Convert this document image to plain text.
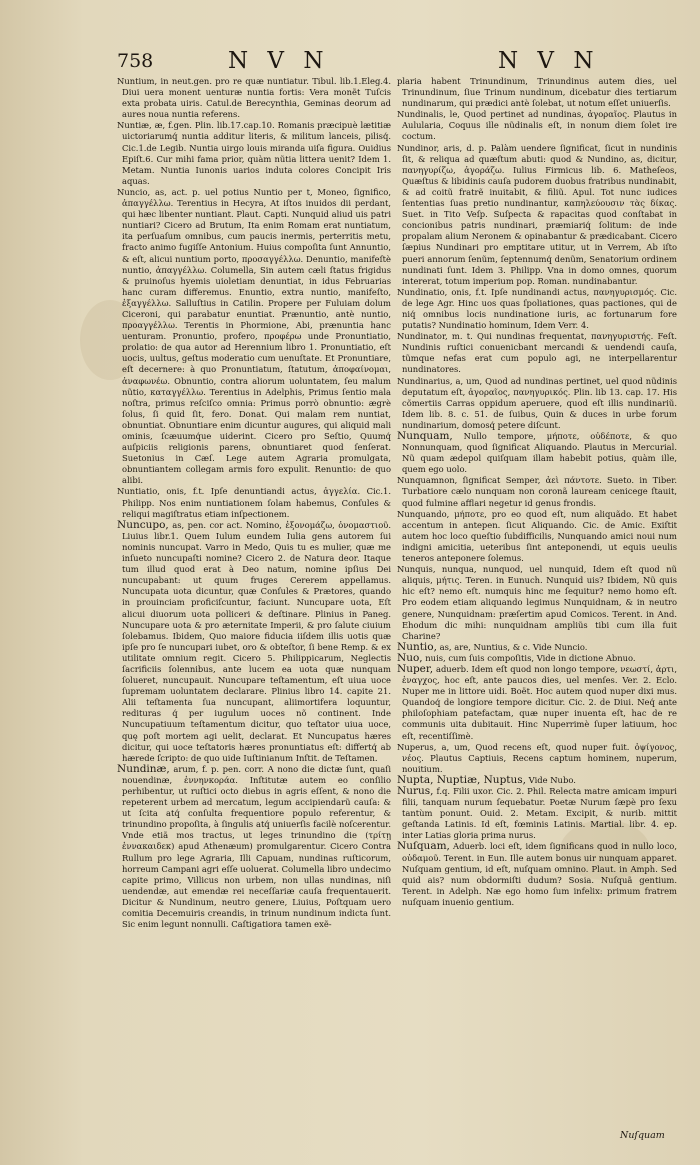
758	N V N	N V N
Nuntium, in neut.gen. pro re quæ nuntiatur. Tibul. lib.1.Eleg.4. Diui uera monent uenturæ nuntia fortis: Vera monẽt Tuſcis exta probata uiris. Catul.de Berecynthia, Geminas deorum ad aures noua nuntia referens.
Nuntiæ, æ, f.gen. Plin. lib.17.cap.10. Romanis præcipuè lætitiæ uictoriarumq́ nuntia additur literis, & militum lanceis, pilisq́. Cic.1.de Legib. Nuntia uirgo louis miranda uiſa figura. Ouidius Epiſt.6. Cur mihi fama prior, quàm nũtia littera uenit? Idem 1. Metam. Nuntia Iunonis uarios induta colores Concipit Iris aquas.
Nuncio, as, act. p. uel potius Nuntio per t, Moneo, ſignifico, ἀπαγγέλλω. Terentius in Hecyra, At iſtos inuidos dii perdant, qui hæc libenter nuntiant. Plaut. Capti. Nunquid aliud uis patri nuntiari? Cicero ad Brutum, Ita enim Romam erat nuntiatum, ita perſuaſum omnibus, cum paucis inermis, perterritis metu, fracto animo fugiſſe Antonium. Huius compoſita ſunt Annuntio, & eſt, alicui nuntium porto, προσαγγέλλω. Denuntio, manifeſtè nuntio, ἀπαγγέλλω. Columella, Sin autem cæli ſtatus frigidus & pruinoſus hyemis uioletiam denuntiat, in idus Februarias hanc curam differemus. Enuntio, extra nuntio, manifeſto, ἐξαγγέλλω. Salluſtius in Catilin. Propere per Fuluiam dolum Ciceroni, qui parabatur enuntiat. Prænuntio, antè nuntio, προαγγέλλω. Terentis in Phormione, Abi, prænuntia hanc uenturam. Pronuntio, profero, προφέρω unde Pronuntiatio, prolatio: de qua autor ad Herennium libro 1. Pronuntiatio, eſt uocis, uultus, geſtus moderatio cum uenuſtate. Et Pronuntiare, eſt decernere: à quo Pronuntiatum, ſtatutum, ἀποφαίνομαι, ἀναφωνέω. Obnuntio, contra aliorum uoluntatem, ſeu malum nũtio, καταγγέλλω. Terentius in Adelphis, Primus ſentio mala noſtra, primus reſciſco omnia: Primus porrò obnuntio: ægrè ſolus, ſi quid ſit, fero. Donat. Qui malam rem nuntiat, obnuntiat. Obnuntiare enim dicuntur augures, qui aliquid mali ominis, ſcæuumq́ue uiderint. Cicero pro Seſtio, Quumq́ auſpiciis religionis parens, obnuntiaret quod ſenſerat. Suetonius in Cæſ. Lege autem Agraria promulgata, obnuntiantem collegam armis foro expulit. Renuntio: de quo alibi.
Nuntiatio, onis, f.t. Ipſe denuntiandi actus, ἀγγελία. Cic.1. Philipp. Nos enim nuntiationem ſolam habemus, Conſules & reliqui magiſtratus etiam inſpectionem.
Nuncupo, as, pen. cor act. Nomino, ἐξονομάζω, ὀνομαστιοῦ. Liuius libr.1. Quem Iulum eundem Iulia gens autorem ſui nominis nuncupat. Varro in Medo, Quis tu es mulier, quæ me inſueto nuncupaſti nomine? Cicero 2. de Natura deor. Itaque tum illud quod erat à Deo natum, nomine ipſius Dei nuncupabant: ut quum fruges Cererem appellamus. Nuncupata uota dicuntur, quæ Conſules & Prætores, quando in prouinciam proficiſcuntur, faciunt. Nuncupare uota, Eſt alicui diuorum uota polliceri & deſtinare. Plinius in Paneg. Nuncupare uota & pro æternitate Imperii, & pro ſalute ciuium ſolebamus. Ibidem, Quo maiore fiducia iiſdem illis uotis quæ ipſe pro ſe nuncupari iubet, oro & obteſtor, ſi bene Remp. & ex utilitate omnium regit. Cicero 5. Philippicarum, Neglectis ſacrificiis ſolennibus, ante lucem ea uota quæ nunquam ſolueret, nuncupauit. Nuncupare teſtamentum, eſt uiua uoce ſupremam uoluntatem declarare. Plinius libro 14. capite 21. Alii teſtamenta ſua nuncupant, aliimortifera loquuntur, redituras q́ per iugulum uoces nõ continent. Inde Nuncupatiuum teſtamentum dicitur, quo teſtator uiua uoce, quę poſt mortem agi uelit, declarat. Et Nuncupatus hæres dicitur, qui uoce teſtatoris hæres pronuntiatus eſt: differtq́ ab hærede ſcripto: de quo uide Iuſtinianum Inſtit. de Teſtamen.
Nundinæ, arum, f. p. pen. corr. A nono die dictæ ſunt, quaſi nouendinæ, ἐννηνκοράα. Inſtitutæ autem eo conſilio perhibentur, ut ruſtici octo diebus in agris eſſent, & nono die repeterent urbem ad mercatum, legum accipiendarũ cauſa: & ut ſcita atq́ conſulta frequentiore populo referentur, & trinundino propoſita, à ſingulis atq́ uniuerſis facilè noſcerentur. Vnde etiã mos tractus, ut leges trinundino die (τρίτῃ ἐννακαιδεκ) apud Athenæum) promulgarentur. Cicero Contra Rullum pro lege Agraria, Illi Capuam, nundinas ruſticorum, horreum Campani agri eſſe uoluerat. Columella libro undecimo capite primo, Villicus non urbem, non ullas nundinas, niſi uendendæ, aut emendæ rei neceſſariæ cauſa frequentauerit. Dicitur & Nundinum, neutro genere, Liuius, Poſtquam uero comitia Decemuiris creandis, in trinum nundinum indicta ſunt. Sic enim legunt nonnulli. Caſtigatiora tamen exẽ-
plaria habent Trinundinum, Trinundinus autem dies, uel Trinundinum, ſiue Trinum nundinum, dicebatur dies tertiarum nundinarum, qui prædici antè ſolebat, ut notum eſſet uniuerſis.
Nundinalis, le, Quod pertinet ad nundinas, ἀγοραῖος. Plautus in Aulularia, Coquus ille nũdinalis eſt, in nonum diem ſolet ire coctum.
Nundinor, aris, d. p. Palàm uendere ſignificat, ſicut in nundinis ſit, & reliqua ad quæſtum abuti: quod & Nundino, as, dicitur, πανηγυρίζω, ἀγοράζω. Iulius Firmicus lib. 6. Matheſeos, Quæſtus & libidinis cauſa pudorem duobus fratribus nundinabit, & ad coitũ fratrẽ inuitabit, & filiũ. Apul. Tot nunc iudices ſententias ſuas pretio nundinantur, καπηλεύουσιν τὰς δίκας. Suet. in Tito Veſp. Suſpecta & rapacitas quod conſtabat in concionibus patris nundinari, præmiariq́ ſolitum: de inde propalam alium Neronem & opinabantur & prædicabant. Cicero ſæpius Nundinari pro emptitare utitur, ut in Verrem, Ab iſto pueri annorum ſenũm, ſeptennumq́ denũm, Senatorium ordinem nundinati ſunt. Idem 3. Philipp. Vna in domo omnes, quorum intererat, totum imperium pop. Roman. nundinabantur.
Nundinatio, onis, f.t. Ipſe nundinandi actus, πανηγυρισμός. Cic. de lege Agr. Hinc uos quas ſpoliationes, quas pactiones, qui de niq́ omnibus locis nundinatione iuris, ac fortunarum fore putatis? Nundinatio hominum, Idem Verr. 4.
Nundinator, m. t. Qui nundinas frequentat, πανηγυριστής. Feſt. Nundinis ruſtici conuenicbant mercandi & uendendi cauſa, tũmque nefas erat cum populo agi, ne interpellarentur nundinatores.
Nundinarius, a, um, Quod ad nundinas pertinet, uel quod nũdinis deputatum eſt, ἀγοραῖος, πανηγυρικός. Plin. lib 13. cap. 17. His cõmertiis Carras oppidum aperuere, quod eſt illis nundinariũ. Idem lib. 8. c. 51. de ſuibus, Quin & duces in urbe forum nundinarium, domosq́ petere diſcunt.
Nunquam, Nullo tempore, μήποτε, οὐδέποτε, & quo Nonnunquam, quod ſignificat Aliquando. Plautus in Mercurial. Nũ quam ædepol quiſquam illam habebit potius, quàm ille, quem ego uolo.
Nunquamnon, ſignificat Semper, ἀεὶ πάντοτε. Sueto. in Tiber. Turbatiore cælo nunquam non coronã lauream cenicege ſtauit, quod fulmine afflari negetur id genus frondis.
Nunquando, μήποτε, pro eo quod eſt, num aliquãdo. Et habet accentum in antepen. ſicut Aliquando. Cic. de Amic. Exiſtit autem hoc loco queſtio ſubdifficilis, Nunquando amici noui num indigni amicitia, ueteribus ſint anteponendi, ut equis ueulis teneros anteponere ſolemus.
Nunquis, nunqua, nunquod, uel nunquid, Idem eſt quod nũ aliquis, μήτις. Teren. in Eunuch. Nunquid uis? Ibidem, Nũ quis hic eſt? nemo eſt. numquis hinc me ſequitur? nemo homo eſt. Pro eodem etiam aliquando legimus Nunquidnam, & in neutro genere, Nunquidnam: præſertim apud Comicos. Terent. in And. Ehodum dic mihi: nunquidnam ampliũs tibi cum illa fuit Charine?
Nuntio, as, are, Nuntius, & c. Vide Nuncio.
Nuo, nuis, cum ſuis compoſitis, Vide in dictione Abnuo.
Nuper, aduerb. Idem eſt quod non longo tempore, νεωστί, ἀρτι, ἐναγχος, hoc eſt, ante paucos dies, uel menſes. Ver. 2. Eclo. Nuper me in littore uidi. Boët. Hoc autem quod nuper dixi mus. Quandoq́ de longiore tempore dicitur. Cic. 2. de Diui. Neq́ ante philoſophiam patefactam, quæ nuper inuenta eſt, hac de re communis uita dubitauit. Hinc Nuperrimè ſuper latiuum, hoc eſt, recentiſſimè.
Nuperus, a, um, Quod recens eſt, quod nuper fuit. ὀψίγονος, νέος. Plautus Captiuis, Recens captum hominem, nuperum, nouitium.
Nupta, Nuptiæ, Nuptus, Vide Nubo.
Nurus, f.q. Filii uxor. Cic. 2. Phil. Relecta matre amicam impuri filii, tanquam nurum ſequebatur. Poetæ Nurum ſæpè pro ſexu tantùm ponunt. Ouid. 2. Metam. Excipit, & nurib. mittit geſtanda Latinis. Id eſt, fœminis Latinis. Martial. libr. 4. ep. inter Latias gloria prima nurus.
Nuſquam, Aduerb. loci eſt, idem ſignificans quod in nullo loco, οὐδαμοῦ. Terent. in Eun. Ille autem bonus uir nunquam apparet. Nuſquam gentium, id eſt, nuſquam omnino. Plaut. in Amph. Sed quid ais? num obdormiſti dudum? Sosia. Nuſquã gentium. Terent. in Adelph. Næ ego homo ſum infelix: primum fratrem nuſquam inuenio gentium.
Nuſquam
